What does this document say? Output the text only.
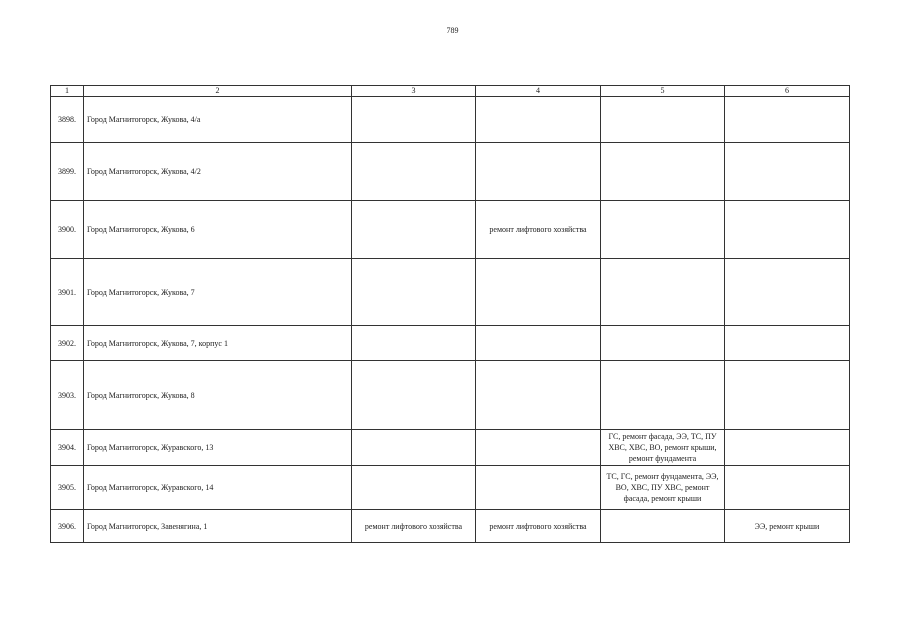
789
1	2	3	4	5	6
3898.	Город Магнитогорск, Жукова, 4/а				
3899.	Город Магнитогорск, Жукова, 4/2				
3900.	Город Магнитогорск, Жукова, 6		ремонт лифтового хозяйства		
3901.	Город Магнитогорск, Жукова, 7				
3902.	Город Магнитогорск, Жукова, 7, корпус 1				
3903.	Город Магнитогорск, Жукова, 8				
3904.	Город Магнитогорск, Журавского, 13			ГС, ремонт фасада, ЭЭ, ТС, ПУ ХВС, ХВС, ВО, ремонт крыши, ремонт фундамента	
3905.	Город Магнитогорск, Журавского, 14			ТС, ГС, ремонт фундамента, ЭЭ, ВО, ХВС, ПУ ХВС, ремонт фасада, ремонт крыши	
3906.	Город Магнитогорск, Завенягина, 1	ремонт лифтового хозяйства	ремонт лифтового хозяйства		ЭЭ, ремонт крыши
